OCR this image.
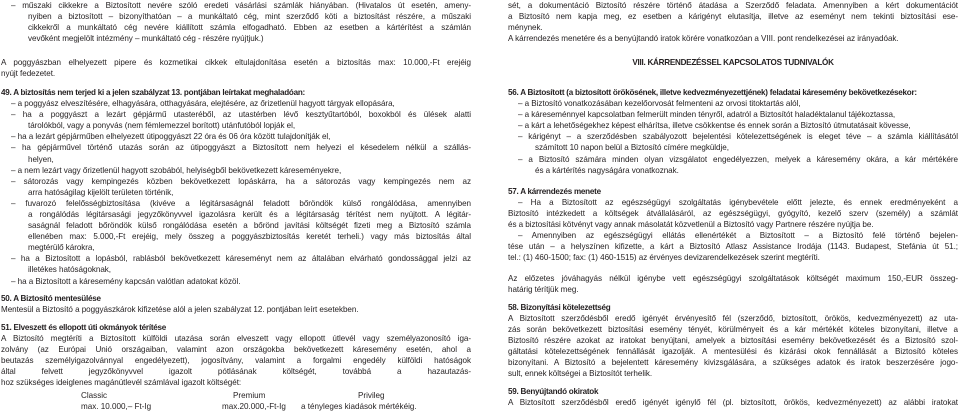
– műszaki cikkekre a Biztosított nevére szóló eredeti vásárlási számlák hiányában. (Hivatalos út esetén, ameny-
nyiben a biztosított – bizonyíthatóan – a munkáltató cég, mint szerződő köti a biztosítást részére, a műszaki
cikkekről a munkáltató cég nevére kiállított számla elfogadható. Ebben az esetben a kártérítést a számlán
vevőként megjelölt intézmény – munkáltató cég - részére nyújtjuk.)
A poggyászban elhelyezett pipere és kozmetikai cikkek eltulajdonítása esetén a biztosítás max: 10.000,-Ft erejéig
nyújt fedezetet.
49. A biztosítás nem terjed ki a jelen szabályzat 13. pontjában leírtakat meghaladóan:
– a poggyász elveszítésére, elhagyására, otthagyására, elejtésére, az őrizetlenül hagyott tárgyak ellopására,
– ha a poggyászt a lezárt gépjármű utasteréből, az utastérben lévő kesztyűtartóból, boxokból és ülések alatti
tárolókból, vagy a ponyvás (nem fémlemezzel borított) utánfutóból lopják el,
– ha a lezárt gépjárműben elhelyezett útipoggyászt 22 óra és 06 óra között tulajdonítják el,
– ha gépjárművel történő utazás során az útipoggyászt a Biztosított nem helyezi el késedelem nélkül a szállás-
helyen,
– a nem lezárt vagy őrizetlenül hagyott szobából, helyiségből bekövetkezett káreseményekre,
– sátorozás vagy kempingezés közben bekövetkezett lopáskárra, ha a sátorozás vagy kempingezés nem az
arra hatóságilag kijelölt területen történik,
– fuvarozó felelősségbiztosítása (kivéve a légitársaságnál feladott bőröndök külső rongálódása, amennyiben
a rongálódás légitársasági jegyzőkönyvvel igazolásra került és a légitársaság térítést nem nyújtott. A légitár-
saságnál feladott bőröndök külső rongálódása esetén a bőrönd javítási költségét fizeti meg a Biztosító számla
ellenében max: 5.000,-Ft erejéig, mely összeg a poggyászbiztosítás keretét terheli.) vagy más biztosítás által
megtérülő károkra,
– ha a Biztosított a lopásból, rablásból bekövetkezett káreseményt nem az általában elvárható gondossággal jelzi az
illetékes hatóságoknak,
– ha a Biztosított a káresemény kapcsán valótlan adatokat közöl.
50. A Biztosító mentesülése
Mentesül a Biztosító a poggyászkárok kifizetése alól a jelen szabályzat 12. pontjában leírt esetekben.
51. Elveszett és ellopott úti okmányok térítése
A Biztosító megtéríti a Biztosított külföldi utazása során elveszett vagy ellopott útlevél vagy személyazonosító iga-
zolvány (az Európai Unió országaiban, valamint azon országokba bekövetkezett káresemény esetén, ahol a
beutazás személyigazolvánnyal engedélyezett), jogosítvány, valamint a forgalmi engedély külföldi hatóságok
által felvett jegyzőkönyvvel igazolt pótlásának költségét, továbbá a hazautazás-
hoz szükséges ideiglenes magánútlevél számlával igazolt költségét:
Classic	Premium	Privileg
max. 10.000,– Ft-Ig	max.20.000,-Ft-Ig a tényleges kiadások mértékéig.
sét, a dokumentáció Biztosító részére történő átadása a Szerződő feladata. Amennyiben a kért dokumentációt
a Biztosító nem kapja meg, ez esetben a kárigényt elutasítja, illetve az eseményt nem tekinti biztosítási ese-
ménynek.
A kárrendezés menetére és a benyújtandó iratok körére vonatkozóan a VIII. pont rendelkezései az irányadóak.
VIII. KÁRRENDEZÉSSEL KAPCSOLATOS TUDNIVALÓK
56. A Biztosított (a biztosított örökösének, illetve kedvezményezettjének) feladatai káresemény bekövetkezésekor:
– a Biztosító vonatkozásában kezelőorvosát felmenteni az orvosi titoktartás alól,
– a káreseménnyel kapcsolatban felmerült minden tényről, adatról a Biztosítót haladéktalanul tájékoztassa,
– a kárt a lehetőségekhez képest elhárítsa, illetve csökkentse és ennek során a Biztosító útmutatásait kövesse,
– kárigényt – a szerződésben szabályozott bejelentési kötelezettségének is eleget téve – a számla kiállításától
számított 10 napon belül a Biztosító címére megküldje,
– a Biztosító számára minden olyan vizsgálatot engedélyezzen, melyek a káresemény okára, a kár mértékére
és a kártérítés nagyságára vonatkoznak.
57. A kárrendezés menete
– Ha a Biztosított az egészségügyi szolgáltatás igénybevétele előtt jelezte, és ennek eredményeként a
Biztosító intézkedett a költségek átvállalásáról, az egészségügyi, gyógyító, kezelő szerv (személy) a számlát
és a biztosítási kötvényt vagy annak másolatát közvetlenül a Biztosító vagy Partnere részére nyújtja be.
– Amennyiben az egészségügyi ellátás ellenértékét a Biztosított – a Biztosító felé történő bejelen-
tése után – a helyszínen kifizette, a kárt a Biztosító Atlasz Assistance Irodája (1143. Budapest, Stefánia út 51.;
tel.: (1) 460-1500; fax: (1) 460-1515) az érvényes devizarendelkezések szerint megtéríti.
Az előzetes jóváhagyás nélkül igénybe vett egészségügyi szolgáltatások költségét maximum 150,-EUR összeg-
határig térítjük meg.
58. Bizonyítási kötelezettség
A Biztosított szerződésből eredő igényét érvényesítő fél (szerződő, biztosított, örökös, kedvezményezett) az uta-
zás során bekövetkezett biztosítási esemény tényét, körülményeit és a kár mértékét köteles bizonyítani, illetve a
Biztosító részére azokat az iratokat benyújtani, amelyek a biztosítási esemény bekövetkezését és a Biztosító szol-
gáltatási kötelezettségének fennállását igazolják. A mentesülési és kizárási okok fennállását a Biztosító köteles
bizonyítani. A Biztosító a bejelentett káresemény kivizsgálására, a szükséges adatok és iratok beszerzésére jogo-
sult, ennek költségei a Biztosítót terhelik.
59. Benyújtandó okiratok
A Biztosított szerződésből eredő igényét igénylő fél (pl. biztosított, örökös, kedvezményezett) az alábbi iratokat
